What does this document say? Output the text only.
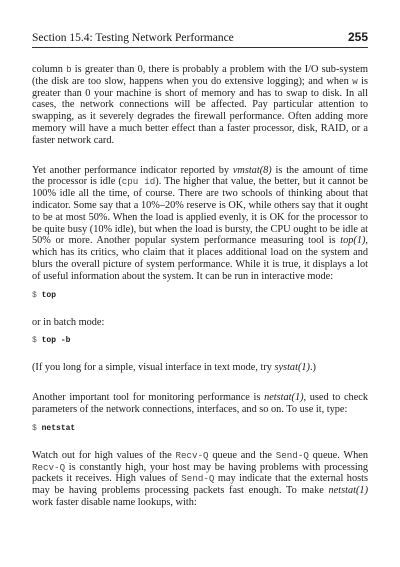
Section 15.4: Testing Network Performance	255

column b is greater than 0, there is probably a problem with the I/O sub-system (the disk are too slow, happens when you do extensive logging); and when w is greater than 0 your machine is short of memory and has to swap to disk. In all cases, the network connections will be affected. Pay particular attention to swapping, as it severely degrades the firewall performance. Often adding more memory will have a much better effect than a faster processor, disk, RAID, or a faster network card.

Yet another performance indicator reported by vmstat(8) is the amount of time the processor is idle (cpu id). The higher that value, the better, but it cannot be 100% idle all the time, of course. There are two schools of thinking about that indicator. Some say that a 10%–20% reserve is OK, while others say that it ought to be at most 50%. When the load is applied evenly, it is OK for the processor to be quite busy (10% idle), but when the load is bursty, the CPU ought to be idle at 50% or more. Another popular system performance measuring tool is top(1), which has its critics, who claim that it places additional load on the system and blurs the overall picture of system performance. While it is true, it displays a lot of useful information about the system. It can be run in interactive mode:

$ top

or in batch mode:

$ top -b

(If you long for a simple, visual interface in text mode, try systat(1).)

Another important tool for monitoring performance is netstat(1), used to check parameters of the network connections, interfaces, and so on. To use it, type:

$ netstat

Watch out for high values of the Recv-Q queue and the Send-Q queue. When Recv-Q is constantly high, your host may be having problems with processing packets it receives. High values of Send-Q may indicate that the external hosts may be having problems processing packets fast enough. To make netstat(1) work faster disable name lookups, with:
